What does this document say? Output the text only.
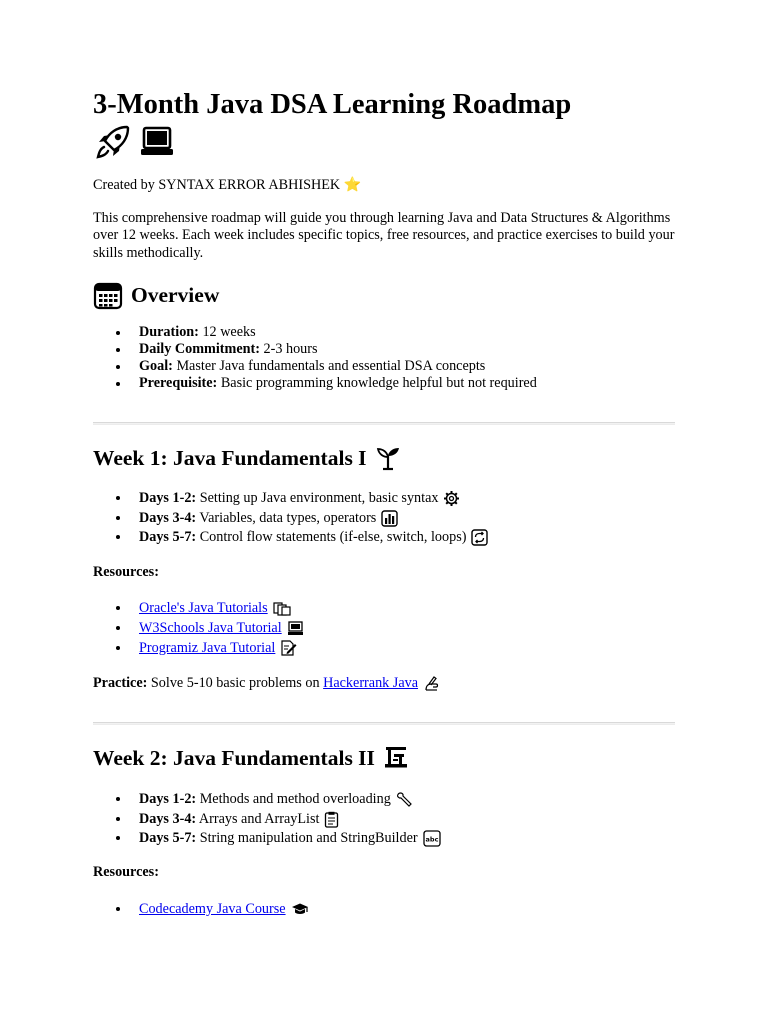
3-Month Java DSA Learning Roadmap
Created by SYNTAX ERROR ABHISHEK ⭐

This comprehensive roadmap will guide you through learning Java and Data Structures & Algorithms over 12 weeks. Each week includes specific topics, free resources, and practice exercises to build your skills methodically.

Overview
Duration: 12 weeks
Daily Commitment: 2-3 hours
Goal: Master Java fundamentals and essential DSA concepts
Prerequisite: Basic programming knowledge helpful but not required
Week 1: Java Fundamentals I
Days 1-2: Setting up Java environment, basic syntax
Days 3-4: Variables, data types, operators
Days 5-7: Control flow statements (if-else, switch, loops)
Resources:
Oracle's Java Tutorials
W3Schools Java Tutorial
Programiz Java Tutorial
Practice: Solve 5-10 basic problems on Hackerrank Java
Week 2: Java Fundamentals II
Days 1-2: Methods and method overloading
Days 3-4: Arrays and ArrayList
Days 5-7: String manipulation and StringBuilder abc
Resources:
Codecademy Java Course
